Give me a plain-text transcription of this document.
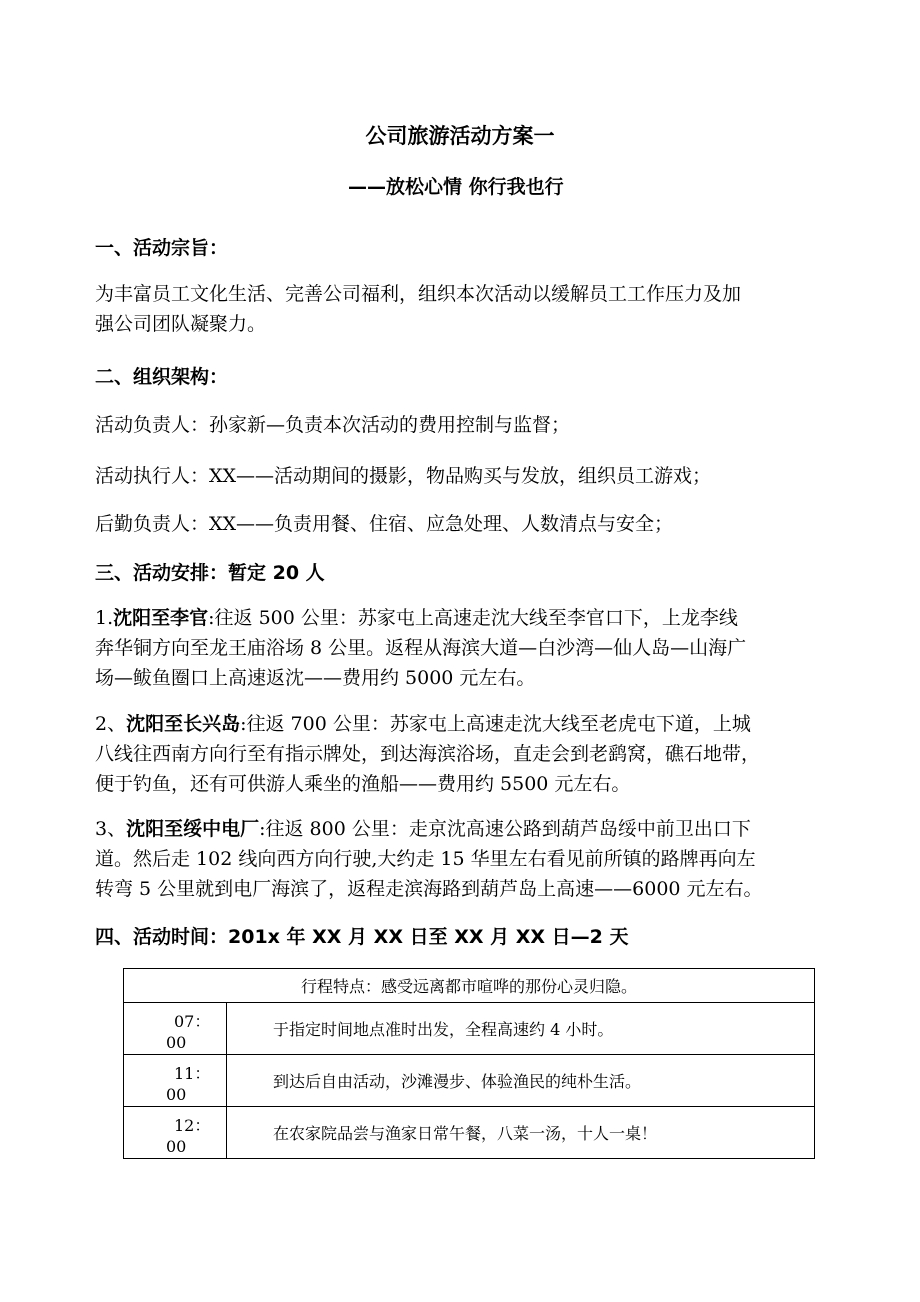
公司旅游活动方案一
——放松心情 你行我也行
一、活动宗旨：
为丰富员工文化生活、完善公司福利，组织本次活动以缓解员工工作压力及加
强公司团队凝聚力。
二、组织架构：
活动负责人：孙家新—负责本次活动的费用控制与监督；
活动执行人：XX——活动期间的摄影，物品购买与发放，组织员工游戏；
后勤负责人：XX——负责用餐、住宿、应急处理、人数清点与安全；
三、活动安排：暂定 20 人
1.沈阳至李官:往返 500 公里：苏家屯上高速走沈大线至李官口下，上龙李线
奔华铜方向至龙王庙浴场 8 公里。返程从海滨大道—白沙湾—仙人岛—山海广
场—鲅鱼圈口上高速返沈——费用约 5000 元左右。
2、沈阳至长兴岛:往返 700 公里：苏家屯上高速走沈大线至老虎屯下道，上城
八线往西南方向行至有指示牌处，到达海滨浴场，直走会到老鹞窝，礁石地带，
便于钓鱼，还有可供游人乘坐的渔船——费用约 5500 元左右。
3、沈阳至绥中电厂:往返 800 公里：走京沈高速公路到葫芦岛绥中前卫出口下
道。然后走 102 线向西方向行驶,大约走 15 华里左右看见前所镇的路牌再向左
转弯 5 公里就到电厂海滨了，返程走滨海路到葫芦岛上高速——6000 元左右。
四、活动时间：201x 年 XX 月 XX 日至 XX 月 XX 日—2 天
行程特点：感受远离都市喧哗的那份心灵归隐。	

07：
00	于指定时间地点准时出发，全程高速约 4 小时。

11：
00	到达后自由活动，沙滩漫步、体验渔民的纯朴生活。

12：
00	在农家院品尝与渔家日常午餐，八菜一汤，十人一桌！
